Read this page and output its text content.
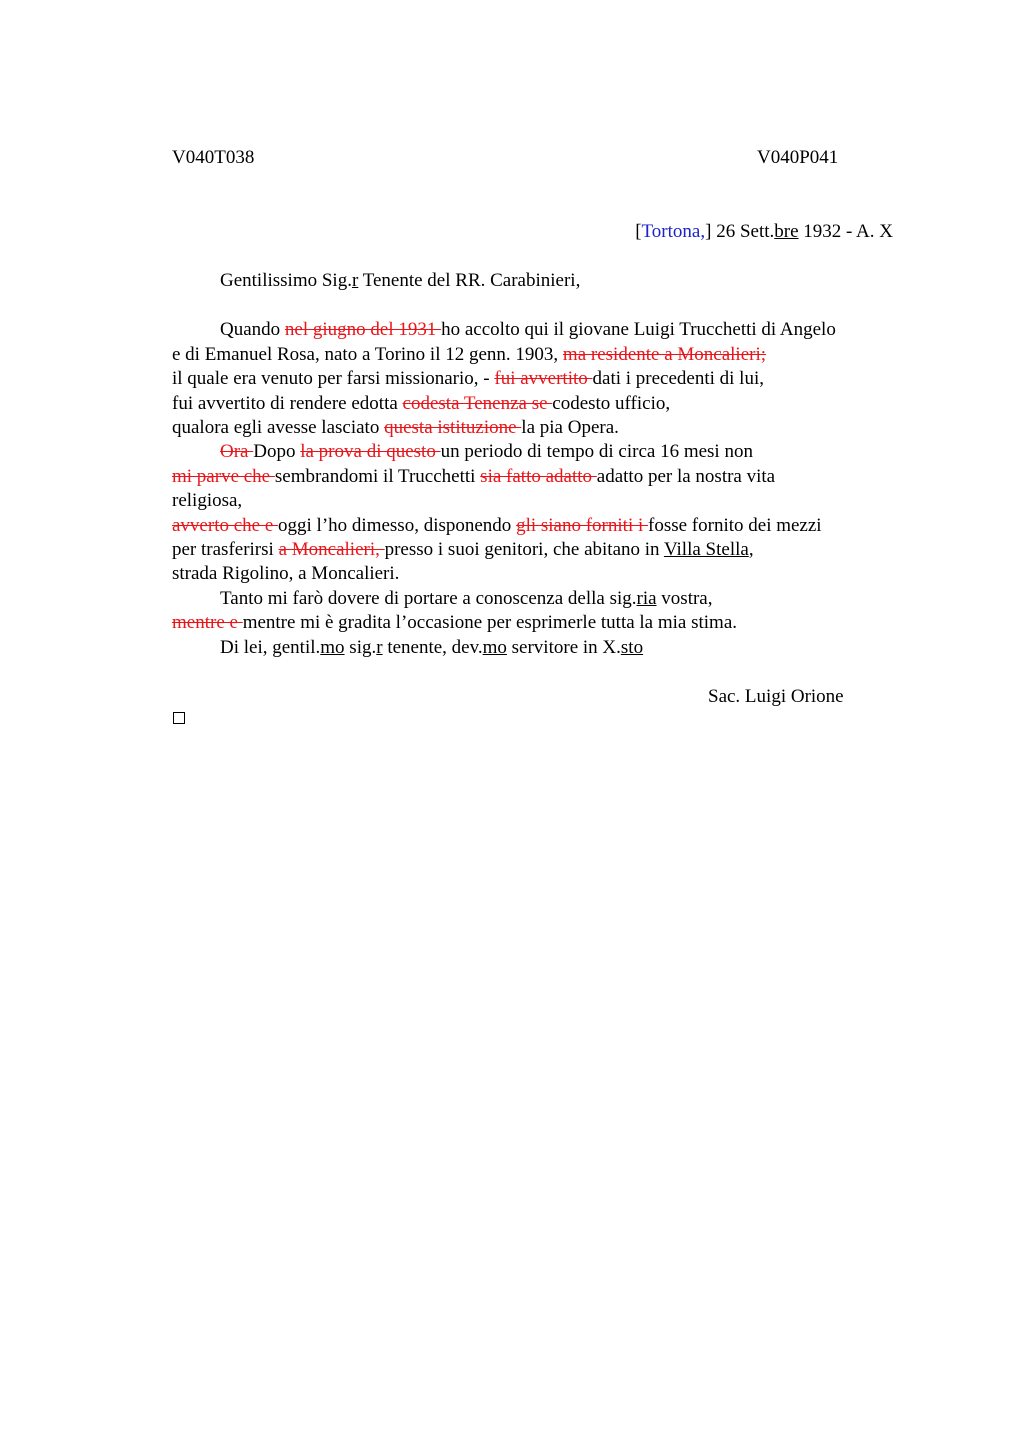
V040T038	V040P041
[Tortona,] 26 Sett.bre 1932 - A. X
Gentilissimo Sig.r Tenente del RR. Carabinieri,
Quando nel giugno del 1931 ho accolto qui il giovane Luigi Trucchetti di Angelo
e di Emanuel Rosa, nato a Torino il 12 genn. 1903, ma residente a Moncalieri;
il quale era venuto per farsi missionario, - fui avvertito dati i precedenti di lui,
fui avvertito di rendere edotta codesta Tenenza se codesto ufficio,
qualora egli avesse lasciato questa istituzione la pia Opera.
Ora Dopo la prova di questo un periodo di tempo di circa 16 mesi non
mi parve che sembrandomi il Trucchetti sia fatto adatto adatto per la nostra vita
religiosa,
avverto che e oggi l’ho dimesso, disponendo gli siano forniti i fosse fornito dei mezzi
per trasferirsi a Moncalieri, presso i suoi genitori, che abitano in Villa Stella,
strada Rigolino, a Moncalieri.
Tanto mi farò dovere di portare a conoscenza della sig.ria vostra,
mentre e mentre mi è gradita l’occasione per esprimerle tutta la mia stima.
Di lei, gentil.mo sig.r tenente, dev.mo servitore in X.sto
Sac. Luigi Orione
